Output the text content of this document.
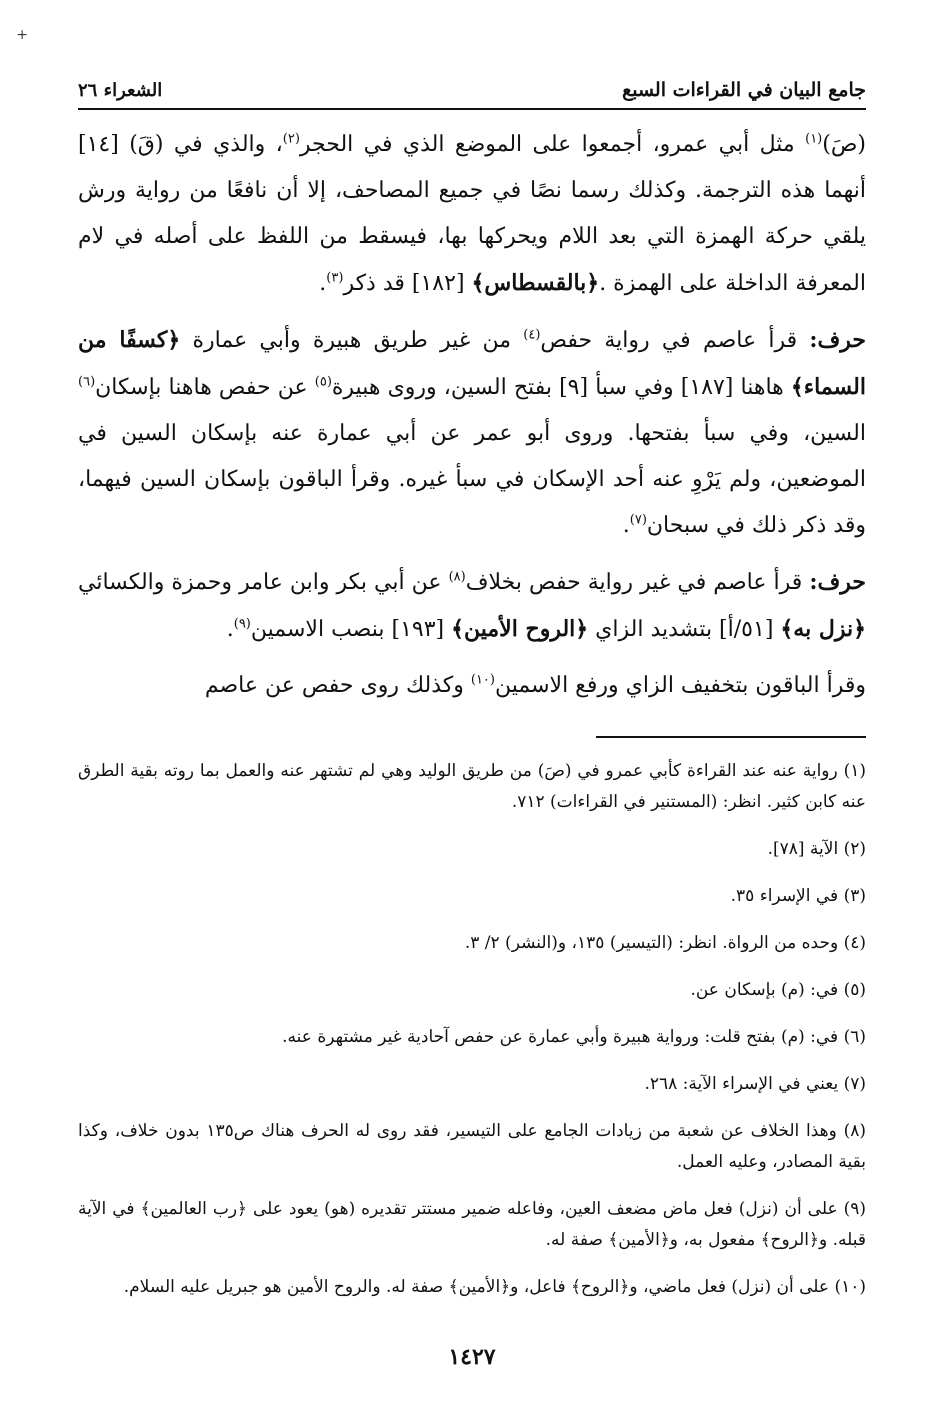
+
جامع البيان في القراءات السبع
الشعراء ٢٦

(صَ)$^{(١)}$ مثل أبي عمرو، أجمعوا على الموضع الذي في الحجر$^{(٢)}$، والذي في (قَ) [١٤] أنهما هذه الترجمة. وكذلك رسما نصًا في جميع المصاحف، إلا أن نافعًا من رواية ورش يلقي حركة الهمزة التي بعد اللام ويحركها بها، فيسقط من اللفظ على أصله في لام المعرفة الداخلة على الهمزة .﴿بالقسطاس﴾ [١٨٢] قد ذكر$^{(٣)}$.

حرف: قرأ عاصم في رواية حفص$^{(٤)}$ من غير طريق هبيرة وأبي عمارة ﴿كسفًا من السماء﴾ هاهنا [١٨٧] وفي سبأ [٩] بفتح السين، وروى هبيرة$^{(٥)}$ عن حفص هاهنا بإسكان$^{(٦)}$ السين، وفي سبأ بفتحها. وروى أبو عمر عن أبي عمارة عنه بإسكان السين في الموضعين، ولم يَرْوِ عنه أحد الإسكان في سبأ غيره. وقرأ الباقون بإسكان السين فيهما، وقد ذكر ذلك في سبحان$^{(٧)}$.

حرف: قرأ عاصم في غير رواية حفص بخلاف$^{(٨)}$ عن أبي بكر وابن عامر وحمزة والكسائي ﴿نزل به﴾ [٥١/أ] بتشديد الزاي ﴿الروح الأمين﴾ [١٩٣] بنصب الاسمين$^{(٩)}$.

وقرأ الباقون بتخفيف الزاي ورفع الاسمين$^{(١٠)}$ وكذلك روى حفص عن عاصم

(١) رواية عنه عند القراءة كأبي عمرو في (صَ) من طريق الوليد وهي لم تشتهر عنه والعمل بما روته بقية الطرق عنه كابن كثير. انظر: (المستنير في القراءات) ٧١٢.

(٢) الآية [٧٨].

(٣) في الإسراء ٣٥.

(٤) وحده من الرواة. انظر: (التيسير) ١٣٥، و(النشر) ٢/ ٣.

(٥) في: (م) بإسكان عن.

(٦) في: (م) بفتح قلت: ورواية هبيرة وأبي عمارة عن حفص آحادية غير مشتهرة عنه.

(٧) يعني في الإسراء الآية: ٢٦٨.

(٨) وهذا الخلاف عن شعبة من زيادات الجامع على التيسير، فقد روى له الحرف هناك ص١٣٥ بدون خلاف، وكذا بقية المصادر، وعليه العمل.

(٩) على أن (نزل) فعل ماض مضعف العين، وفاعله ضمير مستتر تقديره (هو) يعود على ﴿رب العالمين﴾ في الآية قبله. و﴿الروح﴾ مفعول به، و﴿الأمين﴾ صفة له.

(١٠) على أن (نزل) فعل ماضي، و﴿الروح﴾ فاعل، و﴿الأمين﴾ صفة له. والروح الأمين هو جبريل عليه السلام.

١٤٢٧
